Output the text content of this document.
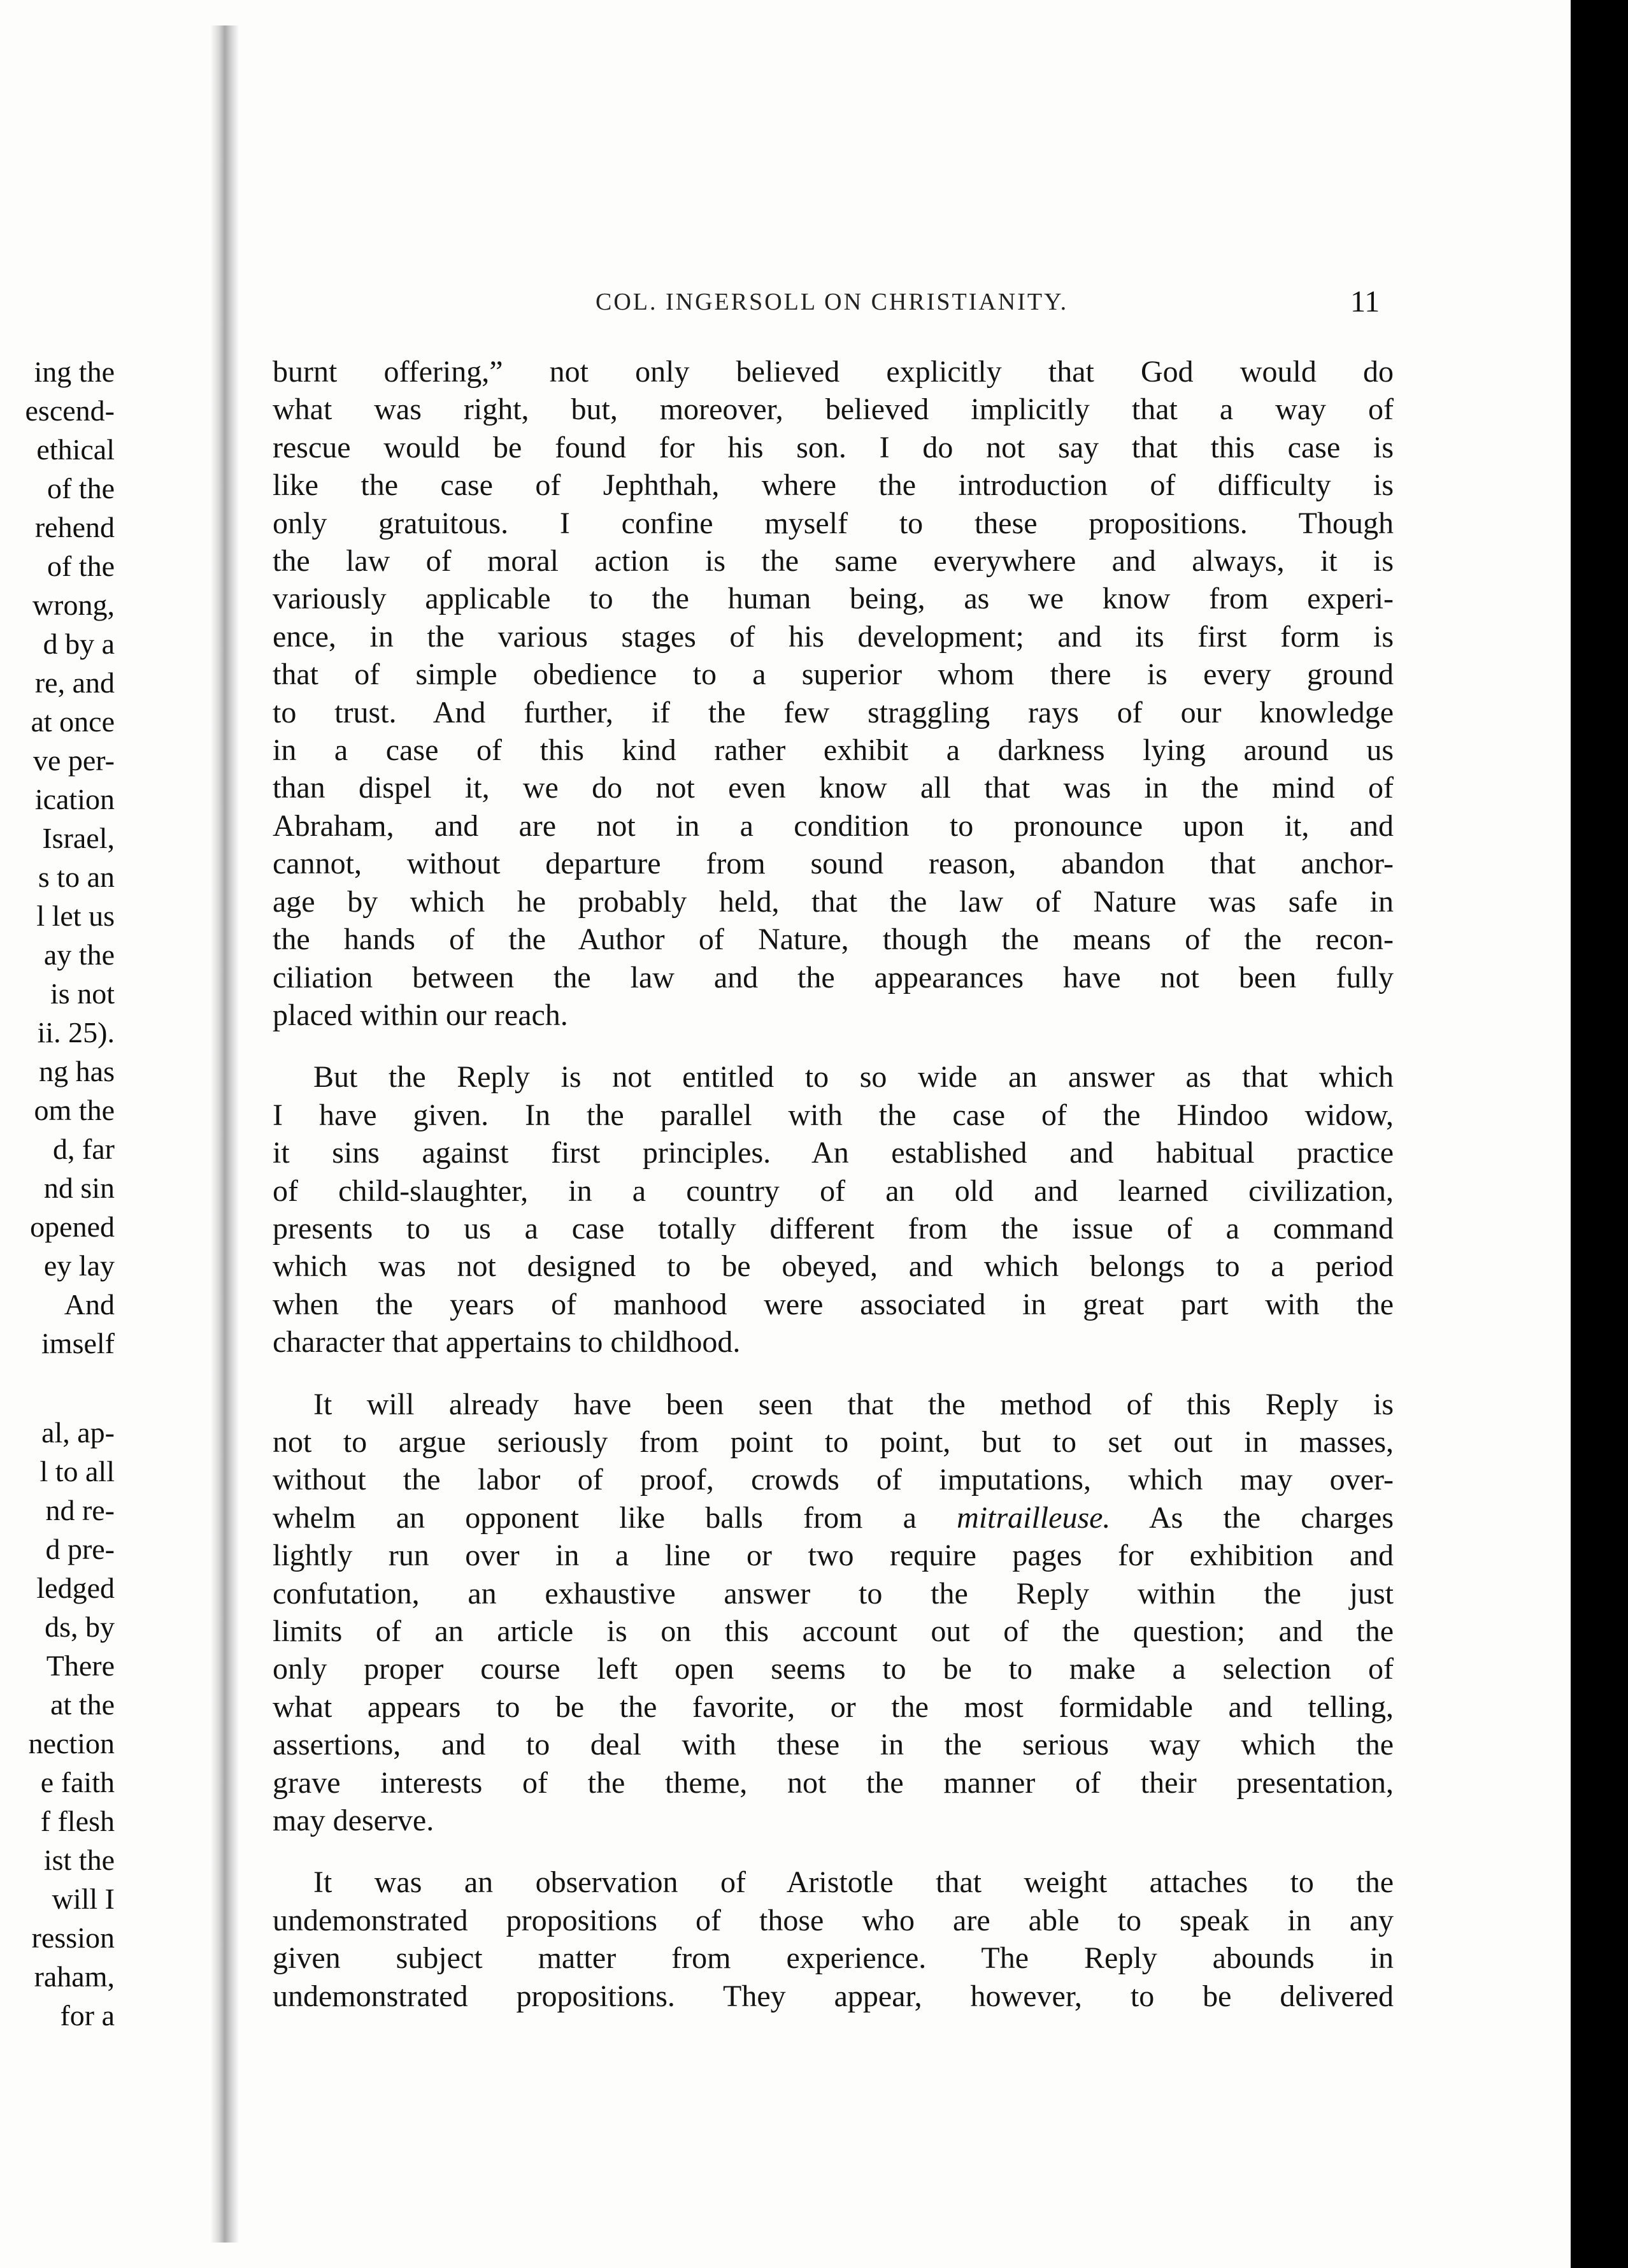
ing the
escend-
ethical
of the
rehend
of the
wrong,
d by a
re, and
at once
ve per-
ication
Israel,
s to an
l let us
ay the
is not
ii. 25).
ng has
om the
d, far
nd sin
opened
ey lay
And
imself
al, ap-
l to all
nd re-
d pre-
ledged
ds, by
There
at the
nection
e faith
f flesh
ist the
will I
ression
raham,
for a
COL. INGERSOLL ON CHRISTIANITY.	11

burnt offering,” not only believed explicitly that God would do

what was right, but, moreover, believed implicitly that a way of

rescue would be found for his son. I do not say that this case is

like the case of Jephthah, where the introduction of difficulty is

only gratuitous. I confine myself to these propositions. Though

the law of moral action is the same everywhere and always, it is

variously applicable to the human being, as we know from experi-

ence, in the various stages of his development; and its first form is

that of simple obedience to a superior whom there is every ground

to trust. And further, if the few straggling rays of our knowledge

in a case of this kind rather exhibit a darkness lying around us

than dispel it, we do not even know all that was in the mind of

Abraham, and are not in a condition to pronounce upon it, and

cannot, without departure from sound reason, abandon that anchor-

age by which he probably held, that the law of Nature was safe in

the hands of the Author of Nature, though the means of the recon-

ciliation between the law and the appearances have not been fully

placed within our reach.

But the Reply is not entitled to so wide an answer as that which

I have given. In the parallel with the case of the Hindoo widow,

it sins against first principles. An established and habitual practice

of child-slaughter, in a country of an old and learned civilization,

presents to us a case totally different from the issue of a command

which was not designed to be obeyed, and which belongs to a period

when the years of manhood were associated in great part with the

character that appertains to childhood.

It will already have been seen that the method of this Reply is

not to argue seriously from point to point, but to set out in masses,

without the labor of proof, crowds of imputations, which may over-

whelm an opponent like balls from a mitrailleuse. As the charges

lightly run over in a line or two require pages for exhibition and

confutation, an exhaustive answer to the Reply within the just

limits of an article is on this account out of the question; and the

only proper course left open seems to be to make a selection of

what appears to be the favorite, or the most formidable and telling,

assertions, and to deal with these in the serious way which the

grave interests of the theme, not the manner of their presentation,

may deserve.

It was an observation of Aristotle that weight attaches to the

undemonstrated propositions of those who are able to speak in any

given subject matter from experience. The Reply abounds in

undemonstrated propositions. They appear, however, to be delivered
